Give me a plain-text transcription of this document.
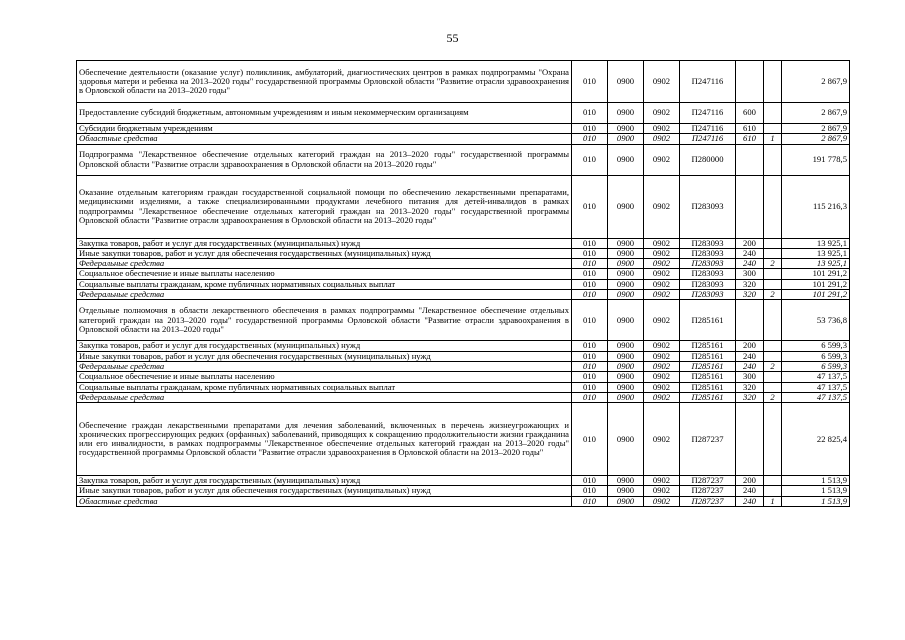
55
Обеспечение деятельности (оказание услуг) поликлиник, амбулаторий, диагностических центров в рамках подпрограммы "Охрана здоровья матери и ребенка на 2013–2020 годы" государственной программы Орловской области "Развитие отрасли здравоохранения в Орловской области на 2013–2020 годы"	010	0900	0902	П247116			2 867,9
Предоставление субсидий бюджетным, автономным учреждениям и иным некоммерческим организациям	010	0900	0902	П247116	600		2 867,9
Субсидии бюджетным учреждениям	010	0900	0902	П247116	610		2 867,9
Областные средства	010	0900	0902	П247116	610	1	2 867,9
Подпрограмма "Лекарственное обеспечение отдельных категорий граждан на 2013–2020 годы" государственной программы Орловской области "Развитие отрасли здравоохранения в Орловской области на 2013–2020 годы"	010	0900	0902	П280000			191 778,5
Оказание отдельным категориям граждан государственной социальной помощи по обеспечению лекарственными препаратами, медицинскими изделиями, а также специализированными продуктами лечебного питания для детей-инвалидов в рамках подпрограммы "Лекарственное обеспечение отдельных категорий граждан на 2013–2020 годы" государственной программы Орловской области "Развитие отрасли здравоохранения в Орловской области на 2013–2020 годы"	010	0900	0902	П283093			115 216,3
Закупка товаров, работ и услуг для государственных (муниципальных) нужд	010	0900	0902	П283093	200		13 925,1
Иные закупки товаров, работ и услуг для обеспечения государственных (муниципальных) нужд	010	0900	0902	П283093	240		13 925,1
Федеральные средства	010	0900	0902	П283093	240	2	13 925,1
Социальное обеспечение и иные выплаты населению	010	0900	0902	П283093	300		101 291,2
Социальные выплаты гражданам, кроме публичных нормативных социальных выплат	010	0900	0902	П283093	320		101 291,2
Федеральные средства	010	0900	0902	П283093	320	2	101 291,2
Отдельные полномочия в области лекарственного обеспечения в рамках подпрограммы "Лекарственное обеспечение отдельных категорий граждан на 2013–2020 годы" государственной программы Орловской области "Развитие отрасли здравоохранения в Орловской области на 2013–2020 годы"	010	0900	0902	П285161			53 736,8
Закупка товаров, работ и услуг для государственных (муниципальных) нужд	010	0900	0902	П285161	200		6 599,3
Иные закупки товаров, работ и услуг для обеспечения государственных (муниципальных) нужд	010	0900	0902	П285161	240		6 599,3
Федеральные средства	010	0900	0902	П285161	240	2	6 599,3
Социальное обеспечение и иные выплаты населению	010	0900	0902	П285161	300		47 137,5
Социальные выплаты гражданам, кроме публичных нормативных социальных выплат	010	0900	0902	П285161	320		47 137,5
Федеральные средства	010	0900	0902	П285161	320	2	47 137,5
Обеспечение граждан лекарственными препаратами для лечения заболеваний, включенных в перечень жизнеугрожающих и хронических прогрессирующих редких (орфанных) заболеваний, приводящих к сокращению продолжительности жизни гражданина или его инвалидности, в рамках подпрограммы "Лекарственное обеспечение отдельных категорий граждан на 2013–2020 годы" государственной программы Орловской области "Развитие отрасли здравоохранения в Орловской области на 2013–2020 годы"	010	0900	0902	П287237			22 825,4
Закупка товаров, работ и услуг для государственных (муниципальных) нужд	010	0900	0902	П287237	200		1 513,9
Иные закупки товаров, работ и услуг для обеспечения государственных (муниципальных) нужд	010	0900	0902	П287237	240		1 513,9
Областные средства	010	0900	0902	П287237	240	1	1 513,9
